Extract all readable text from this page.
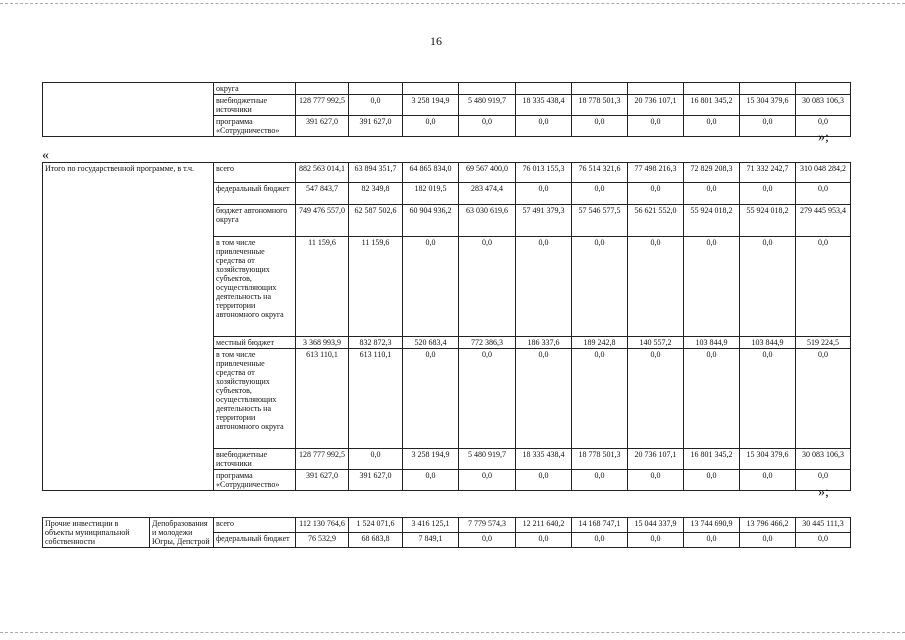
16
	округа										
	внебюджетные источники	128 777 992,5	0,0	3 258 194,9	5 480 919,7	18 335 438,4	18 778 501,3	20 736 107,1	16 801 345,2	15 304 379,6	30 083 106,3
	программа «Сотрудничество»	391 627,0	391 627,0	0,0	0,0	0,0	0,0	0,0	0,0	0,0	0,0
»;
«
Итого по государственной программе, в т.ч.	всего	882 563 014,1	63 894 351,7	64 865 834,0	69 567 400,0	76 013 155,3	76 514 321,6	77 498 216,3	72 829 208,3	71 332 242,7	310 048 284,2
	федеральный бюджет	547 843,7	82 349,8	182 019,5	283 474,4	0,0	0,0	0,0	0,0	0,0	0,0
	бюджет автономного округа	749 476 557,0	62 587 502,6	60 904 936,2	63 030 619,6	57 491 379,3	57 546 577,5	56 621 552,0	55 924 018,2	55 924 018,2	279 445 953,4
	в том числе привлеченные средства от хозяйствующих субъектов, осуществляющих деятельность на территории автономного округа	11 159,6	11 159,6	0,0	0,0	0,0	0,0	0,0	0,0	0,0	0,0
	местный бюджет	3 368 993,9	832 872,3	520 683,4	772 386,3	186 337,6	189 242,8	140 557,2	103 844,9	103 844,9	519 224,5
	в том числе привлеченные средства от хозяйствующих субъектов, осуществляющих деятельность на территории автономного округа	613 110,1	613 110,1	0,0	0,0	0,0	0,0	0,0	0,0	0,0	0,0
	внебюджетные источники	128 777 992,5	0,0	3 258 194,9	5 480 919,7	18 335 438,4	18 778 501,3	20 736 107,1	16 801 345,2	15 304 379,6	30 083 106,3
	программа «Сотрудничество»	391 627,0	391 627,0	0,0	0,0	0,0	0,0	0,0	0,0	0,0	0,0
»;
Прочие инвестиции в объекты муниципальной собственности	Депобразования и молодежи Югры, Депстрой	всего	112 130 764,6	1 524 071,6	3 416 125,1	7 779 574,3	12 211 640,2	14 168 747,1	15 044 337,9	13 744 690,9	13 796 466,2	30 445 111,3
		федеральный бюджет	76 532,9	68 683,8	7 849,1	0,0	0,0	0,0	0,0	0,0	0,0	0,0
